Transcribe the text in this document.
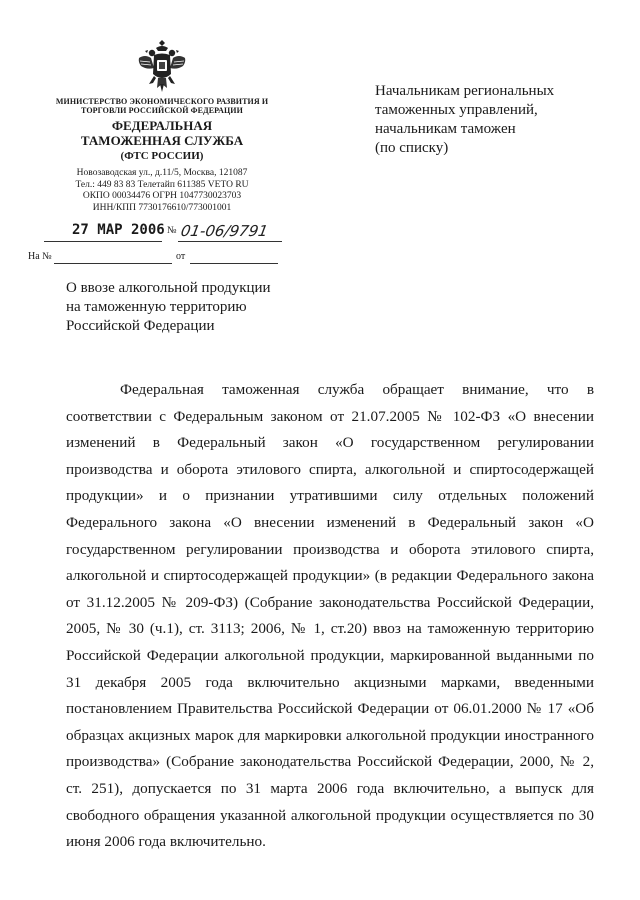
МИНИСТЕРСТВО ЭКОНОМИЧЕСКОГО РАЗВИТИЯ И ТОРГОВЛИ РОССИЙСКОЙ ФЕДЕРАЦИИ
ФЕДЕРАЛЬНАЯ
ТАМОЖЕННАЯ СЛУЖБА
(ФТС РОССИИ)
Новозаводская ул., д.11/5, Москва, 121087
Тел.: 449 83 83 Телетайп 611385 VETO RU
ОКПО 00034476 ОГРН 1047730023703
ИНН/КПП 7730176610/773001001
27 МАР 2006 № 01-06/9791
На №	от
Начальникам региональных
таможенных управлений,
начальникам таможен
(по списку)
О ввозе алкогольной продукции
на таможенную территорию
Российской Федерации
Федеральная таможенная служба обращает внимание, что в соответствии с Федеральным законом от 21.07.2005 № 102-ФЗ «О внесении изменений в Федеральный закон «О государственном регулировании производства и оборота этилового спирта, алкогольной и спиртосодержащей продукции» и о признании утратившими силу отдельных положений Федерального закона «О внесении изменений в Федеральный закон «О государственном регулировании производства и оборота этилового спирта, алкогольной и спиртосодержащей продукции» (в редакции Федерального закона от 31.12.2005 № 209-ФЗ) (Собрание законодательства Российской Федерации, 2005, № 30 (ч.1), ст. 3113; 2006, № 1, ст.20) ввоз на таможенную территорию Российской Федерации алкогольной продукции, маркированной выданными по 31 декабря 2005 года включительно акцизными марками, введенными постановлением Правительства Российской Федерации от 06.01.2000 № 17 «Об образцах акцизных марок для маркировки алкогольной продукции иностранного производства» (Собрание законодательства Российской Федерации, 2000, № 2, ст. 251), допускается по 31 марта 2006 года включительно, а выпуск для свободного обращения указанной алкогольной продукции осуществляется по 30 июня 2006 года включительно.
